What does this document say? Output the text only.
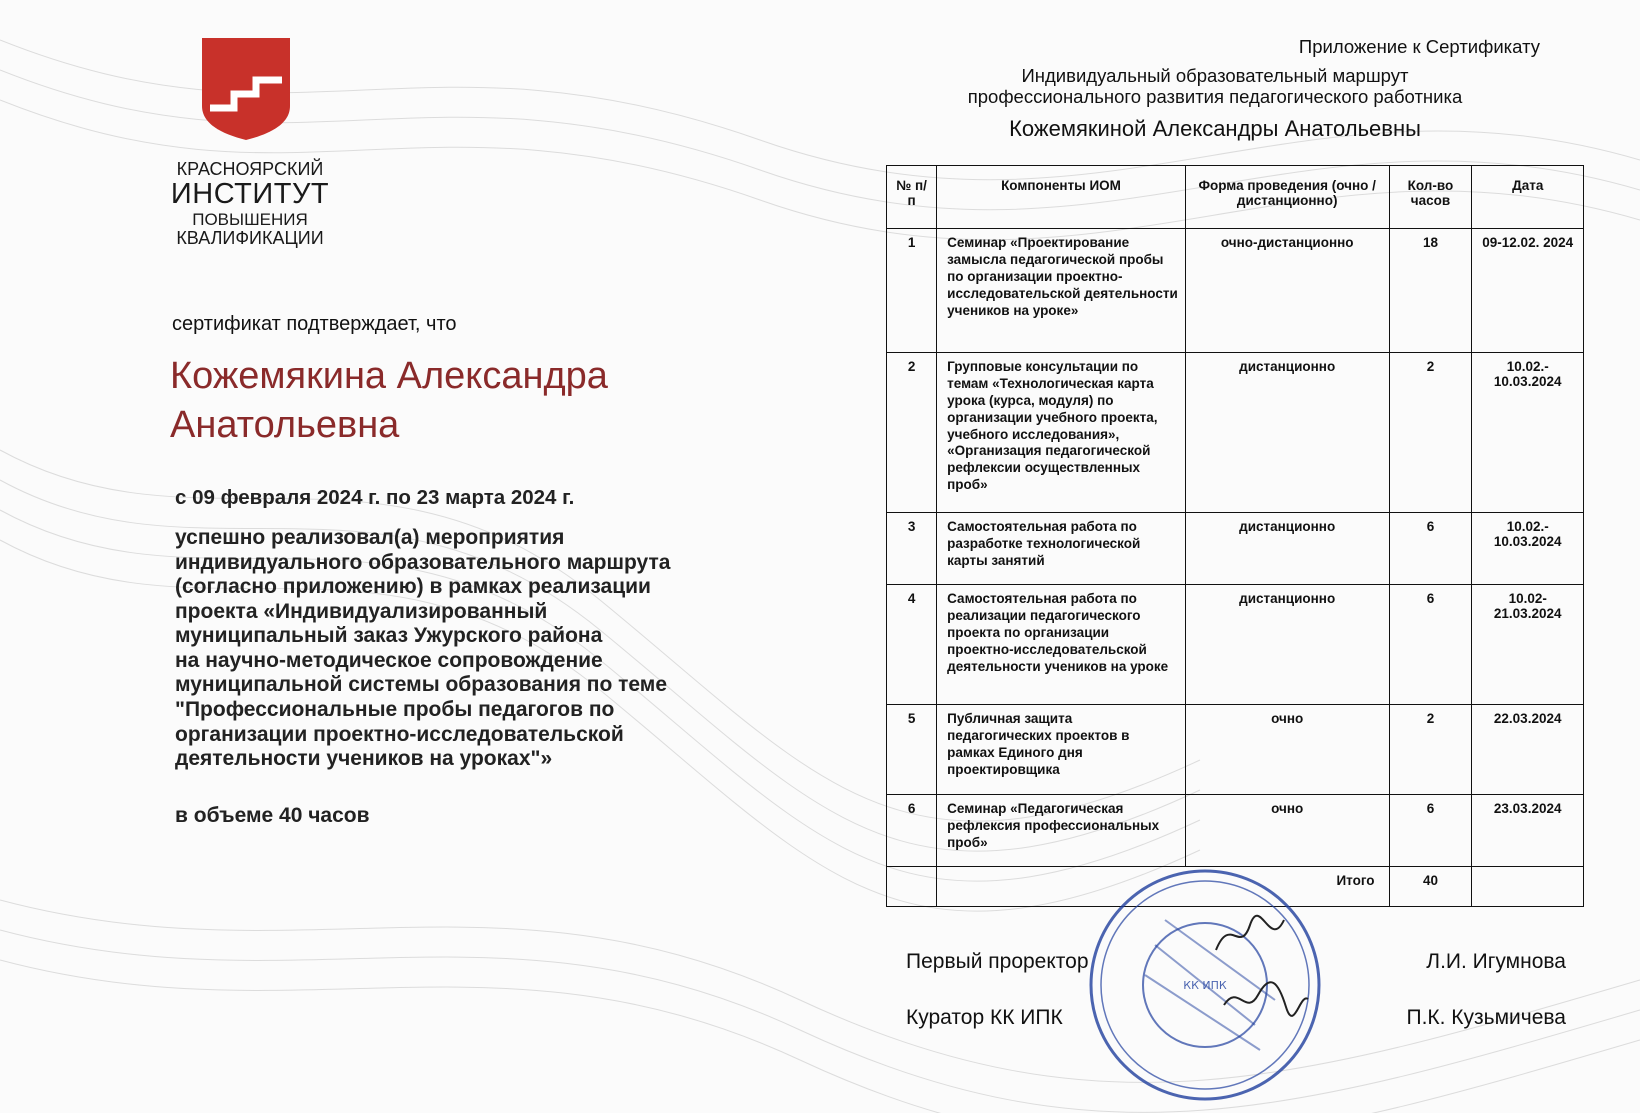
КРАСНОЯРСКИЙ
ИНСТИТУТ
ПОВЫШЕНИЯ
КВАЛИФИКАЦИИ
сертификат подтверждает, что
Кожемякина Александра
Анатольевна
с 09 февраля 2024 г. по 23 марта 2024 г.
успешно реализовал(а) мероприятия
индивидуального образовательного маршрута
(согласно приложению) в рамках реализации
проекта «Индивидуализированный
муниципальный заказ Ужурского района
на научно-методическое сопровождение
муниципальной системы образования по теме
"Профессиональные пробы педагогов по
организации проектно-исследовательской
деятельности учеников на уроках"»
в объеме 40 часов
Приложение к Сертификату
Индивидуальный образовательный маршрут
профессионального развития педагогического работника
Кожемякиной Александры Анатольевны
№ п/п	Компоненты ИОМ	Форма проведения (очно / дистанционно)	Кол-во часов	Дата
1	Семинар «Проектирование замысла педагогической пробы по организации проектно-исследовательской деятельности учеников на уроке»	очно-дистанционно	18	09-12.02. 2024
2	Групповые консультации по темам «Технологическая карта урока (курса, модуля) по организации учебного проекта, учебного исследования», «Организация педагогической рефлексии осуществленных проб»	дистанционно	2	10.02.- 10.03.2024
3	Самостоятельная работа по разработке технологической карты занятий	дистанционно	6	10.02.- 10.03.2024
4	Самостоятельная работа по реализации педагогического проекта по организации проектно-исследовательской деятельности учеников на уроке	дистанционно	6	10.02- 21.03.2024
5	Публичная защита педагогических проектов в рамках Единого дня проектировщика	очно	2	22.03.2024
6	Семинар «Педагогическая рефлексия профессиональных проб»	очно	6	23.03.2024
	Итого		40	
КК ИПК
Первый проректор	Л.И. Игумнова
Куратор КК ИПК	П.К. Кузьмичева
